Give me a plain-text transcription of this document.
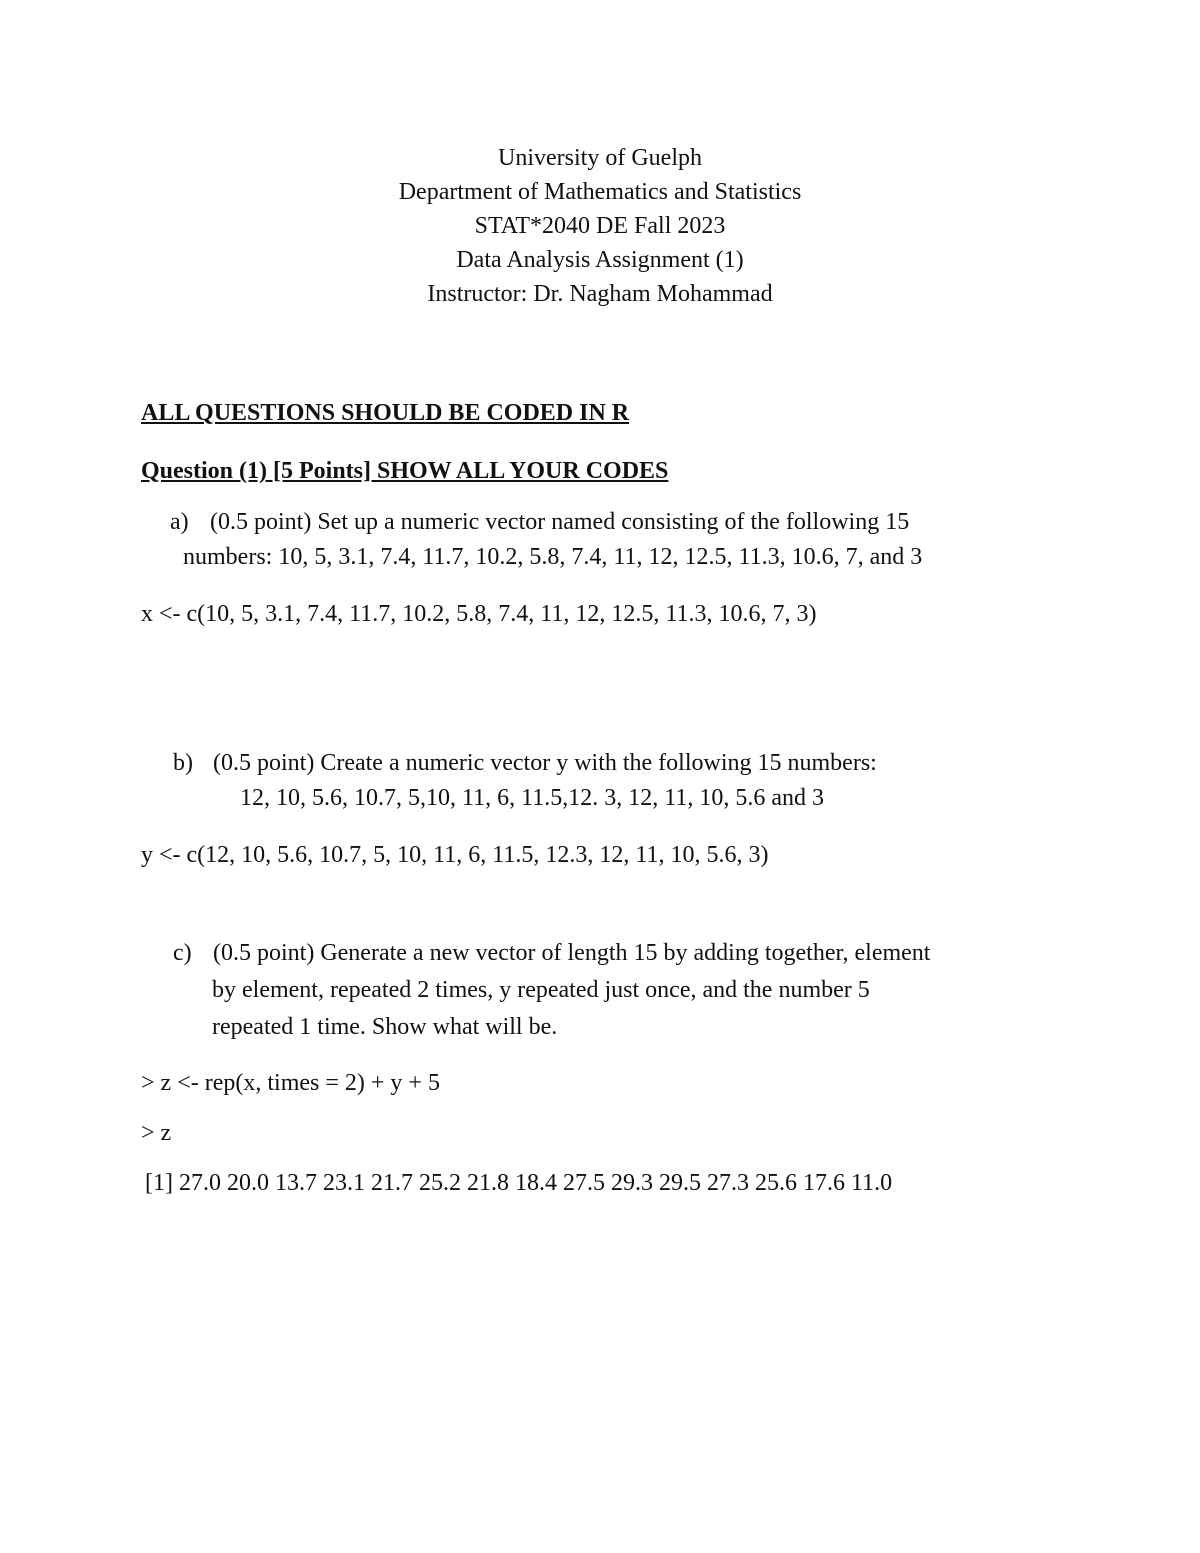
University of Guelph
Department of Mathematics and Statistics
STAT*2040 DE Fall 2023
Data Analysis Assignment (1)
Instructor: Dr. Nagham Mohammad
ALL QUESTIONS SHOULD BE CODED IN R
Question (1) [5 Points] SHOW ALL YOUR CODES
a) (0.5 point) Set up a numeric vector named consisting of the following 15
numbers: 10, 5, 3.1, 7.4, 11.7, 10.2, 5.8, 7.4, 11, 12, 12.5, 11.3, 10.6, 7, and 3
x <- c(10, 5, 3.1, 7.4, 11.7, 10.2, 5.8, 7.4, 11, 12, 12.5, 11.3, 10.6, 7, 3)
b) (0.5 point) Create a numeric vector y with the following 15 numbers:
12, 10, 5.6, 10.7, 5,10, 11, 6, 11.5,12. 3, 12, 11, 10, 5.6 and 3
y <- c(12, 10, 5.6, 10.7, 5, 10, 11, 6, 11.5, 12.3, 12, 11, 10, 5.6, 3)
c) (0.5 point) Generate a new vector of length 15 by adding together, element
by element, repeated 2 times, y repeated just once, and the number 5
repeated 1 time. Show what will be.
> z <- rep(x, times = 2) + y + 5
> z
[1] 27.0 20.0 13.7 23.1 21.7 25.2 21.8 18.4 27.5 29.3 29.5 27.3 25.6 17.6 11.0
